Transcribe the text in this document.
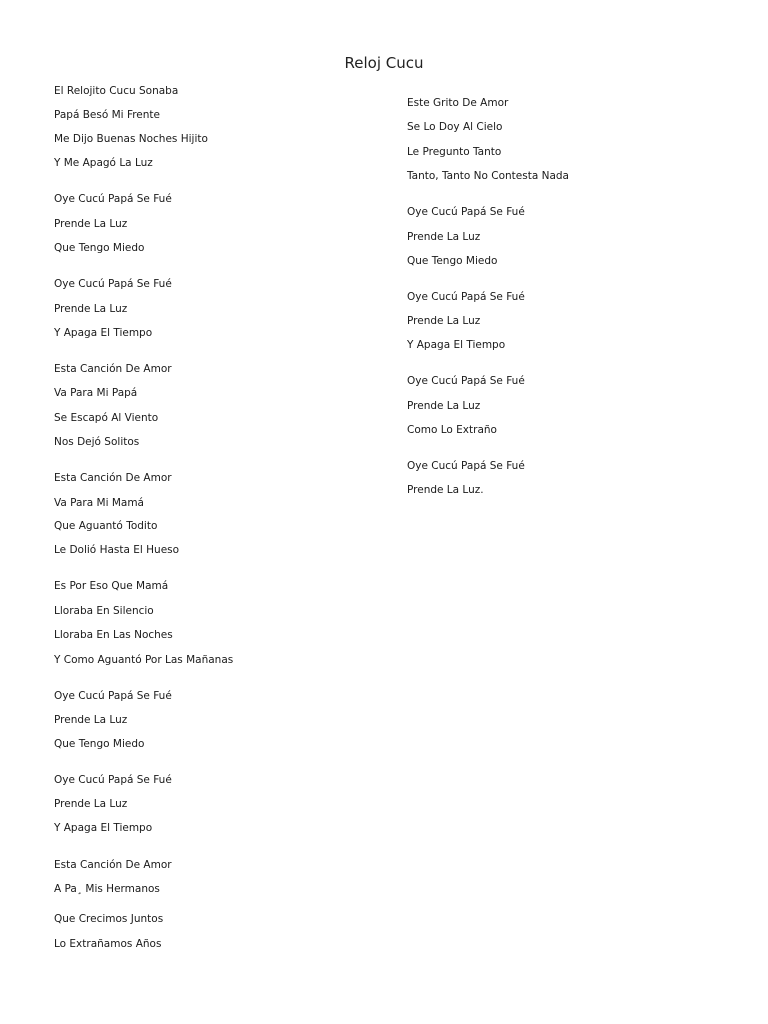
Reloj Cucu
El Relojito Cucu Sonaba
Papá Besó Mi Frente
Me Dijo Buenas Noches Hijito
Y Me Apagó La Luz
Oye Cucú Papá Se Fué
Prende La Luz
Que Tengo Miedo
Oye Cucú Papá Se Fué
Prende La Luz
Y Apaga El Tiempo
Esta Canción De Amor
Va Para Mi Papá
Se Escapó Al Viento
Nos Dejó Solitos
Esta Canción De Amor
Va Para Mi Mamá
Que Aguantó Todito
Le Dolió Hasta El Hueso
Es Por Eso Que Mamá
Lloraba En Silencio
Lloraba En Las Noches
Y Como Aguantó Por Las Mañanas
Oye Cucú Papá Se Fué
Prende La Luz
Que Tengo Miedo
Oye Cucú Papá Se Fué
Prende La Luz
Y Apaga El Tiempo
Esta Canción De Amor
A Pa¸ Mis Hermanos
Que Crecimos Juntos
Lo Extrañamos Años
Este Grito De Amor
Se Lo Doy Al Cielo
Le Pregunto Tanto
Tanto, Tanto No Contesta Nada
Oye Cucú Papá Se Fué
Prende La Luz
Que Tengo Miedo
Oye Cucú Papá Se Fué
Prende La Luz
Y Apaga El Tiempo
Oye Cucú Papá Se Fué
Prende La Luz
Como Lo Extraño
Oye Cucú Papá Se Fué
Prende La Luz.
